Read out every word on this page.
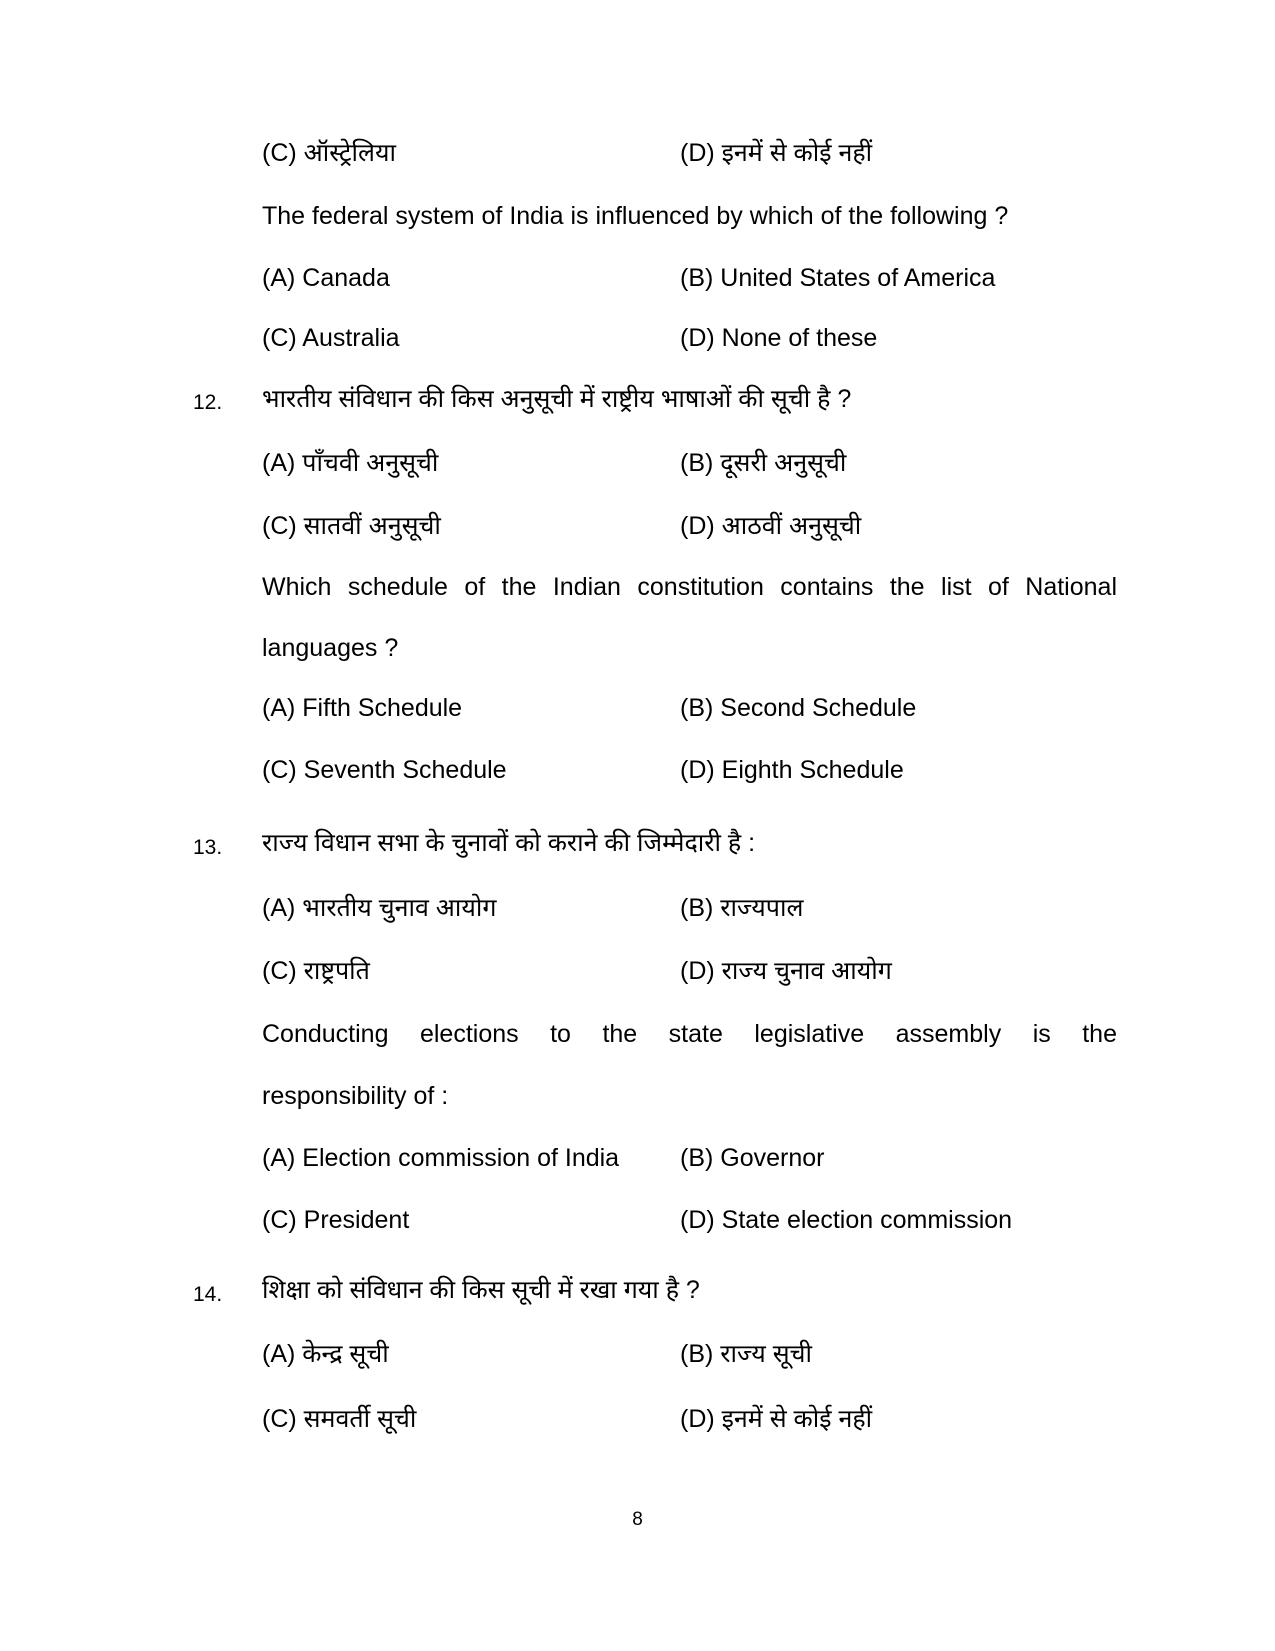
(C) ऑस्ट्रेलिया	(D) इनमें से कोई नहीं
The federal system of India is influenced by which of the following ?
(A) Canada	(B) United States of America
(C) Australia	(D) None of these
12. भारतीय संविधान की किस अनुसूची में राष्ट्रीय भाषाओं की सूची है ?
(A) पाँचवी अनुसूची	(B) दूसरी अनुसूची
(C) सातवीं अनुसूची	(D) आठवीं अनुसूची
Which schedule of the Indian constitution contains the list of National
languages ?
(A) Fifth Schedule	(B) Second Schedule
(C) Seventh Schedule	(D) Eighth Schedule
13. राज्य विधान सभा के चुनावों को कराने की जिम्मेदारी है :
(A) भारतीय चुनाव आयोग	(B) राज्यपाल
(C) राष्ट्रपति	(D) राज्य चुनाव आयोग
Conducting elections to the state legislative assembly is the
responsibility of :
(A) Election commission of India (B) Governor
(C) President	(D) State election commission
14. शिक्षा को संविधान की किस सूची में रखा गया है ?
(A) केन्द्र सूची	(B) राज्य सूची
(C) समवर्ती सूची	(D) इनमें से कोई नहीं
8
